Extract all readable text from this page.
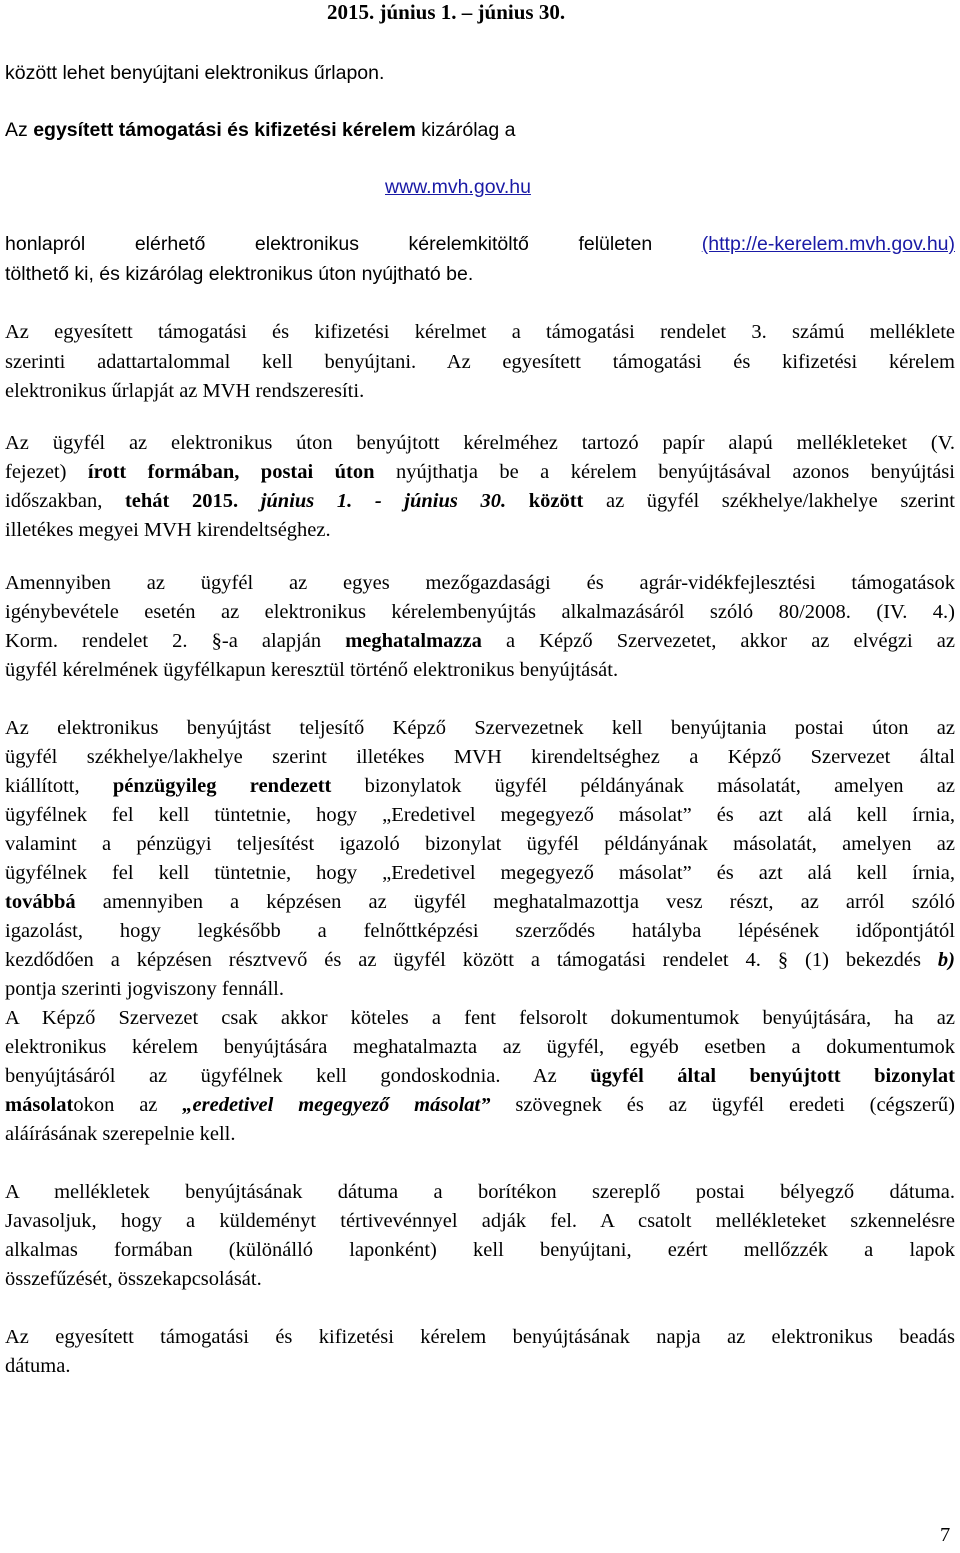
2015. június 1. – június 30.
között lehet benyújtani elektronikus űrlapon.
Az egysített támogatási és kifizetési kérelem kizárólag a
www.mvh.gov.hu
honlapról elérhető elektronikus kérelemkitöltő felületen	(http://e-kerelem.mvh.gov.hu)
tölthető ki, és kizárólag elektronikus úton nyújtható be.
Az egyesített támogatási és kifizetési kérelmet a támogatási rendelet 3. számú melléklete
szerinti adattartalommal kell benyújtani. Az egyesített támogatási és kifizetési kérelem
elektronikus űrlapját az MVH rendszeresíti.
Az ügyfél az elektronikus úton benyújtott kérelméhez tartozó papír alapú mellékleteket (V.
fejezet) írott formában, postai úton nyújthatja be a kérelem benyújtásával azonos benyújtási
időszakban, tehát 2015. június 1. - június 30. között az ügyfél székhelye/lakhelye szerint
illetékes megyei MVH kirendeltséghez.
Amennyiben az ügyfél az egyes mezőgazdasági és agrár-vidékfejlesztési támogatások
igénybevétele esetén az elektronikus kérelembenyújtás alkalmazásáról szóló 80/2008. (IV. 4.)
Korm. rendelet 2. §-a alapján meghatalmazza a Képző Szervezetet, akkor az elvégzi az
ügyfél kérelmének ügyfélkapun keresztül történő elektronikus benyújtását.
Az elektronikus benyújtást teljesítő Képző Szervezetnek kell benyújtania postai úton az
ügyfél székhelye/lakhelye szerint illetékes MVH kirendeltséghez a Képző Szervezet által
kiállított, pénzügyileg rendezett bizonylatok ügyfél példányának másolatát, amelyen az
ügyfélnek fel kell tüntetnie, hogy „Eredetivel megegyező másolat” és azt alá kell írnia,
valamint a pénzügyi teljesítést igazoló bizonylat ügyfél példányának másolatát, amelyen az
ügyfélnek fel kell tüntetnie, hogy „Eredetivel megegyező másolat” és azt alá kell írnia,
továbbá amennyiben a képzésen az ügyfél meghatalmazottja vesz részt, az arról szóló
igazolást, hogy legkésőbb a felnőttképzési szerződés hatályba lépésének időpontjától
kezdődően a képzésen résztvevő és az ügyfél között a támogatási rendelet 4. § (1) bekezdés b)
pontja szerinti jogviszony fennáll.
A Képző Szervezet csak akkor köteles a fent felsorolt dokumentumok benyújtására, ha az
elektronikus kérelem benyújtására meghatalmazta az ügyfél, egyéb esetben a dokumentumok
benyújtásáról az ügyfélnek kell gondoskodnia. Az ügyfél által benyújtott bizonylat
másolatokon az „eredetivel megegyező másolat” szövegnek és az ügyfél eredeti (cégszerű)
aláírásának szerepelnie kell.
A mellékletek benyújtásának dátuma a borítékon szereplő postai bélyegző dátuma.
Javasoljuk, hogy a küldeményt tértivevénnyel adják fel. A csatolt mellékleteket szkennelésre
alkalmas formában (különálló laponként) kell benyújtani, ezért mellőzzék a lapok
összefűzését, összekapcsolását.
Az egyesített támogatási és kifizetési kérelem benyújtásának napja az elektronikus beadás
dátuma.
7
